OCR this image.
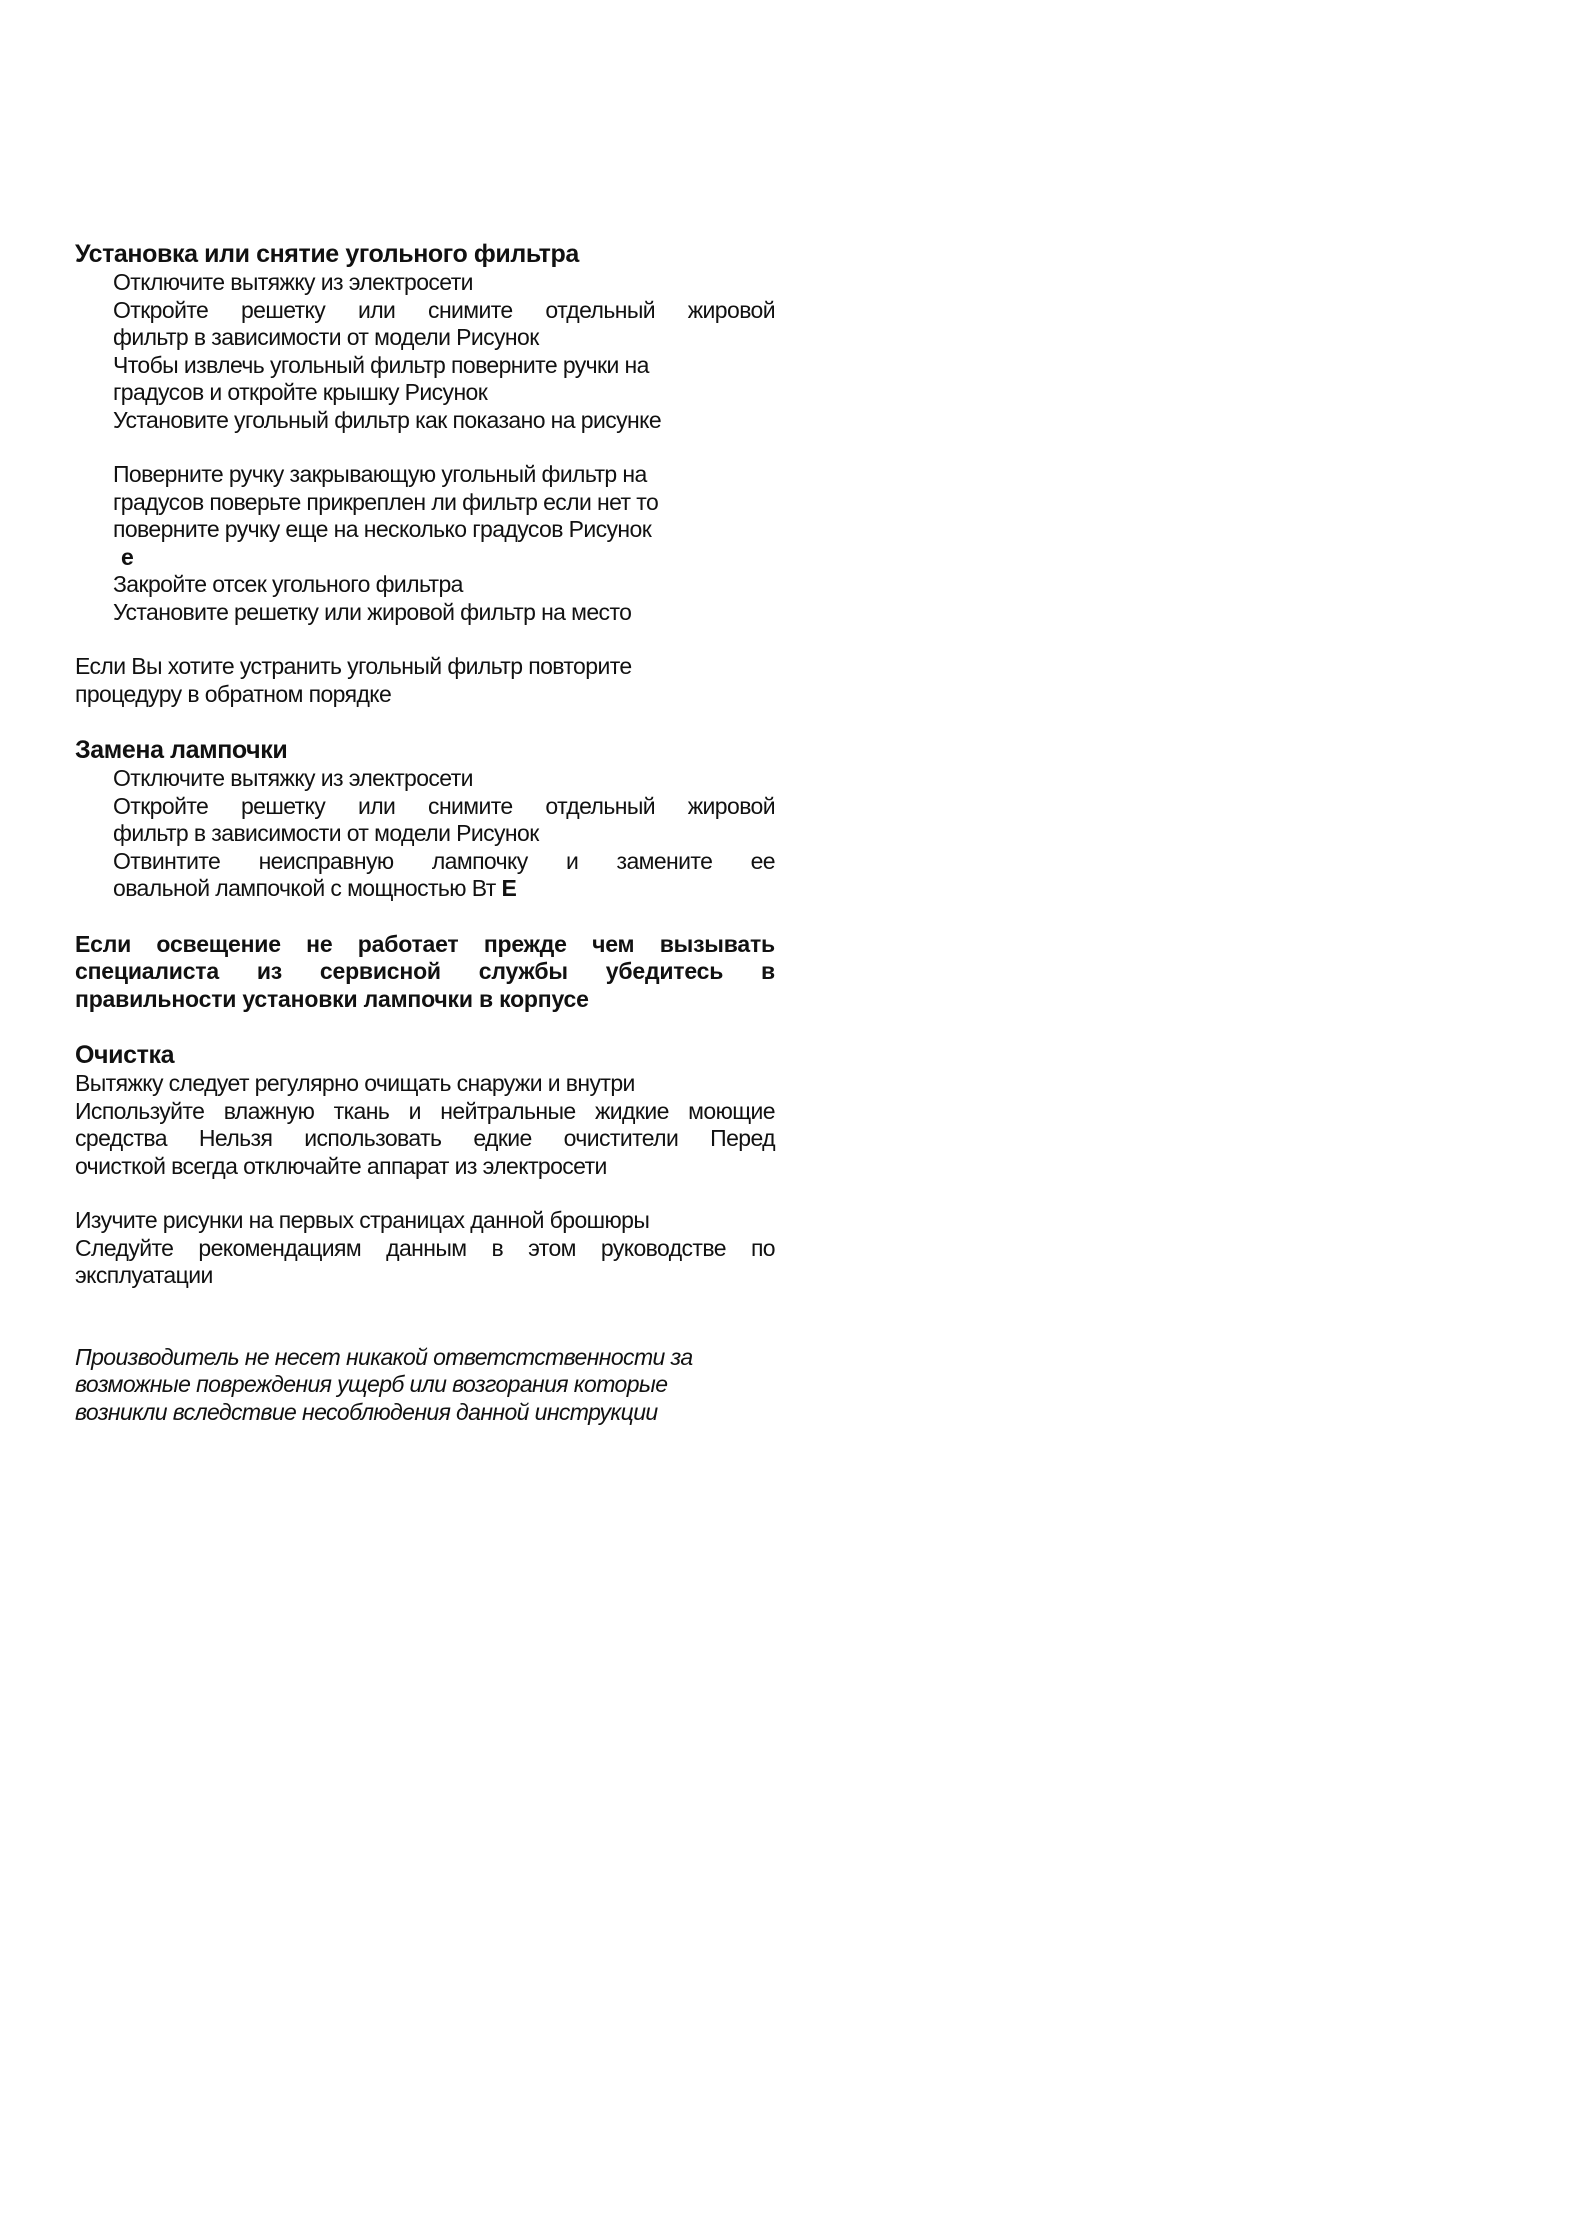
Установка или снятие угольного фильтра
Отключите вытяжку из электросети
Откройте решетку или снимите отдельный жировой
фильтр в зависимости от модели Рисунок
Чтобы извлечь угольный фильтр поверните ручки на
градусов и откройте крышку Рисунок
Установите угольный фильтр как показано на рисунке
Поверните ручку закрывающую угольный фильтр на
градусов поверьте прикреплен ли фильтр если нет то
поверните ручку еще на несколько градусов Рисунок
e
Закройте отсек угольного фильтра
Установите решетку или жировой фильтр на место
Если Вы хотите устранить угольный фильтр повторите
процедуру в обратном порядке
Замена лампочки
Отключите вытяжку из электросети
Откройте решетку или снимите отдельный жировой
фильтр в зависимости от модели Рисунок
Отвинтите неисправную лампочку и замените ее
овальной лампочкой с мощностью Вт E
Если освещение не работает прежде чем вызывать
специалиста из сервисной службы убедитесь в
правильности установки лампочки в корпусе
Очистка
Вытяжку следует регулярно очищать снаружи и внутри
Используйте влажную ткань и нейтральные жидкие моющие
средства Нельзя использовать едкие очистители Перед
очисткой всегда отключайте аппарат из электросети
Изучите рисунки на первых страницах данной брошюры
Следуйте рекомендациям данным в этом руководстве по
эксплуатации
Производитель не несет никакой ответстственности за
возможные повреждения ущерб или возгорания которые
возникли вследствие несоблюдения данной инструкции
